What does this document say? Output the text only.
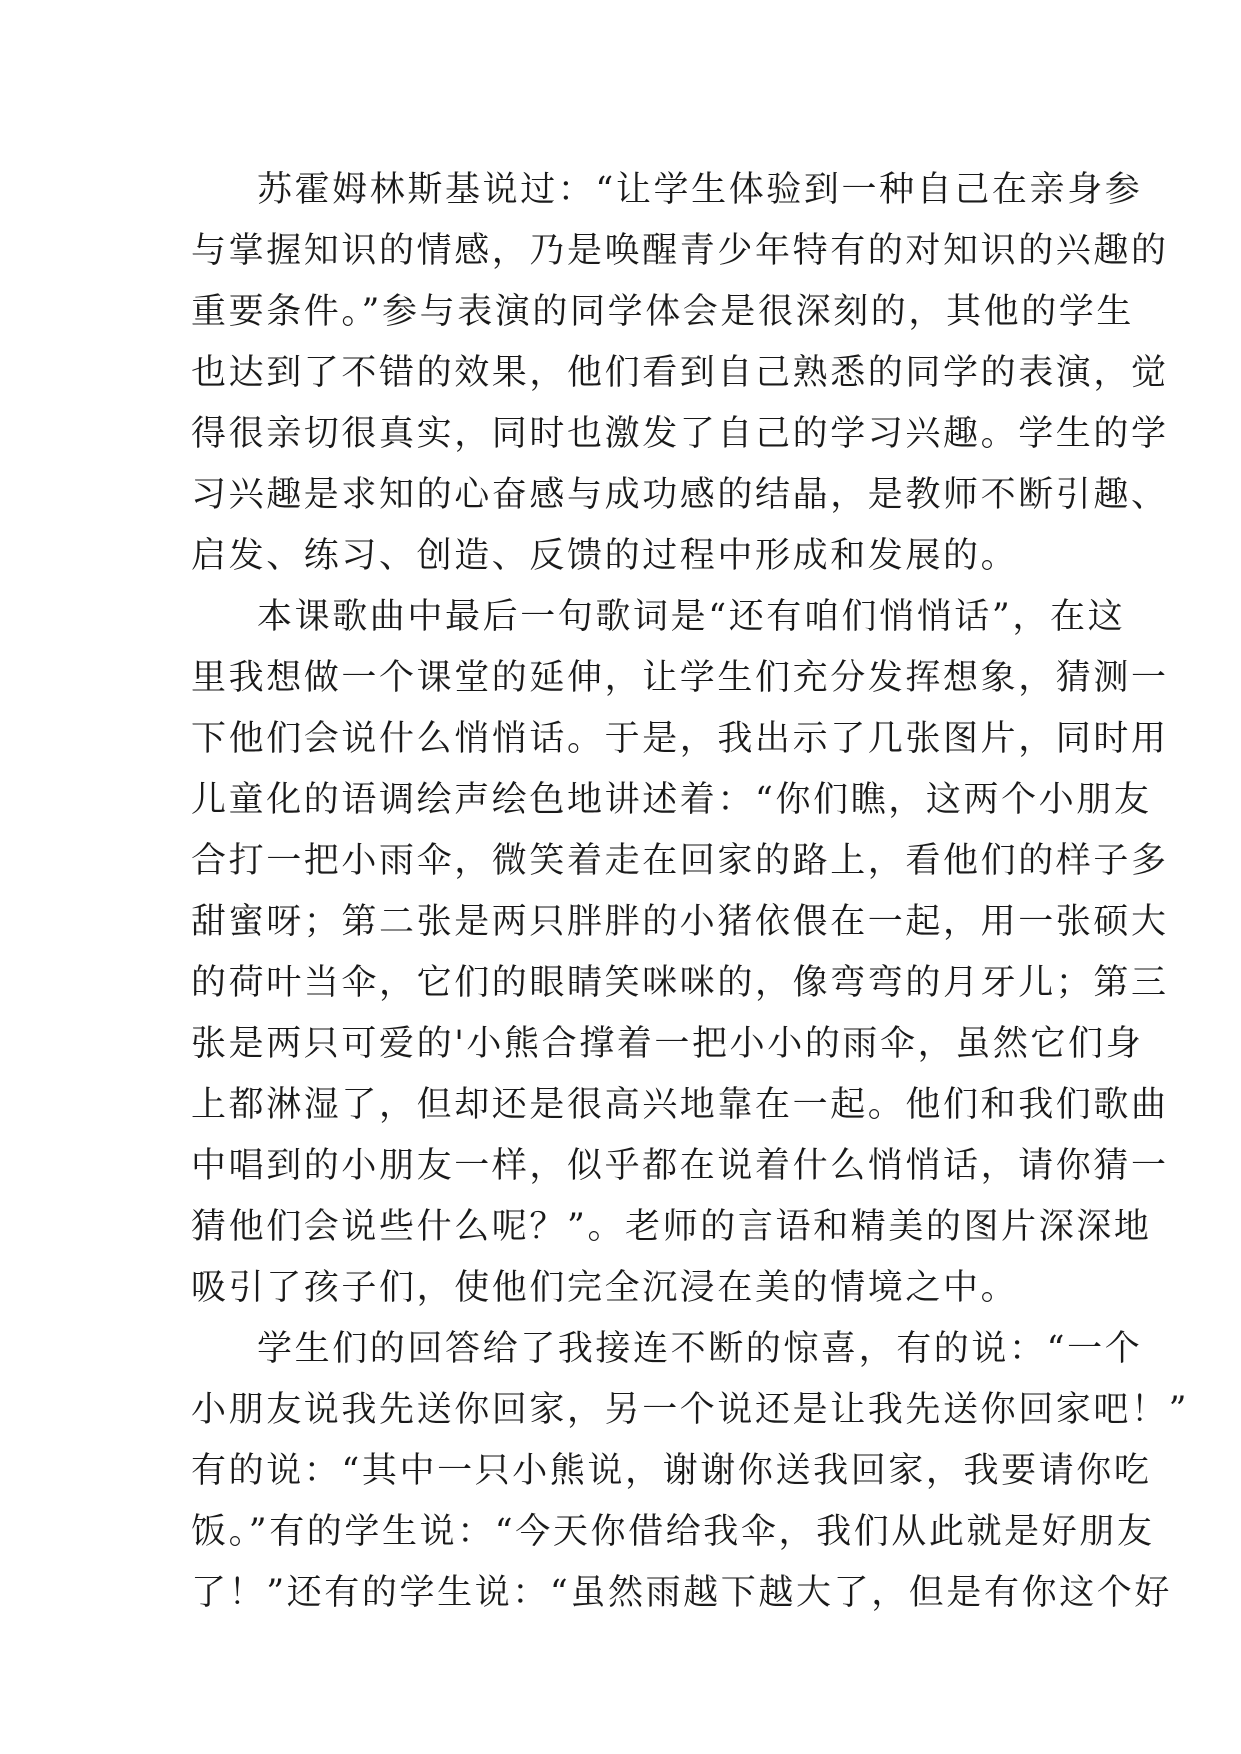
苏霍姆林斯基说过：“让学生体验到一种自己在亲身参
与掌握知识的情感，乃是唤醒青少年特有的对知识的兴趣的
重要条件。”参与表演的同学体会是很深刻的，其他的学生
也达到了不错的效果，他们看到自己熟悉的同学的表演，觉
得很亲切很真实，同时也激发了自己的学习兴趣。学生的学
习兴趣是求知的心奋感与成功感的结晶，是教师不断引趣、
启发、练习、创造、反馈的过程中形成和发展的。
本课歌曲中最后一句歌词是“还有咱们悄悄话”，在这
里我想做一个课堂的延伸，让学生们充分发挥想象，猜测一
下他们会说什么悄悄话。于是，我出示了几张图片，同时用
儿童化的语调绘声绘色地讲述着：“你们瞧，这两个小朋友
合打一把小雨伞，微笑着走在回家的路上，看他们的样子多
甜蜜呀；第二张是两只胖胖的小猪依偎在一起，用一张硕大
的荷叶当伞，它们的眼睛笑咪咪的，像弯弯的月牙儿；第三
张是两只可爱的'小熊合撑着一把小小的雨伞，虽然它们身
上都淋湿了，但却还是很高兴地靠在一起。他们和我们歌曲
中唱到的小朋友一样，似乎都在说着什么悄悄话，请你猜一
猜他们会说些什么呢？”。老师的言语和精美的图片深深地
吸引了孩子们，使他们完全沉浸在美的情境之中。
学生们的回答给了我接连不断的惊喜，有的说：“一个
小朋友说我先送你回家，另一个说还是让我先送你回家吧！”
有的说：“其中一只小熊说，谢谢你送我回家，我要请你吃
饭。”有的学生说：“今天你借给我伞，我们从此就是好朋友
了！”还有的学生说：“虽然雨越下越大了，但是有你这个好
